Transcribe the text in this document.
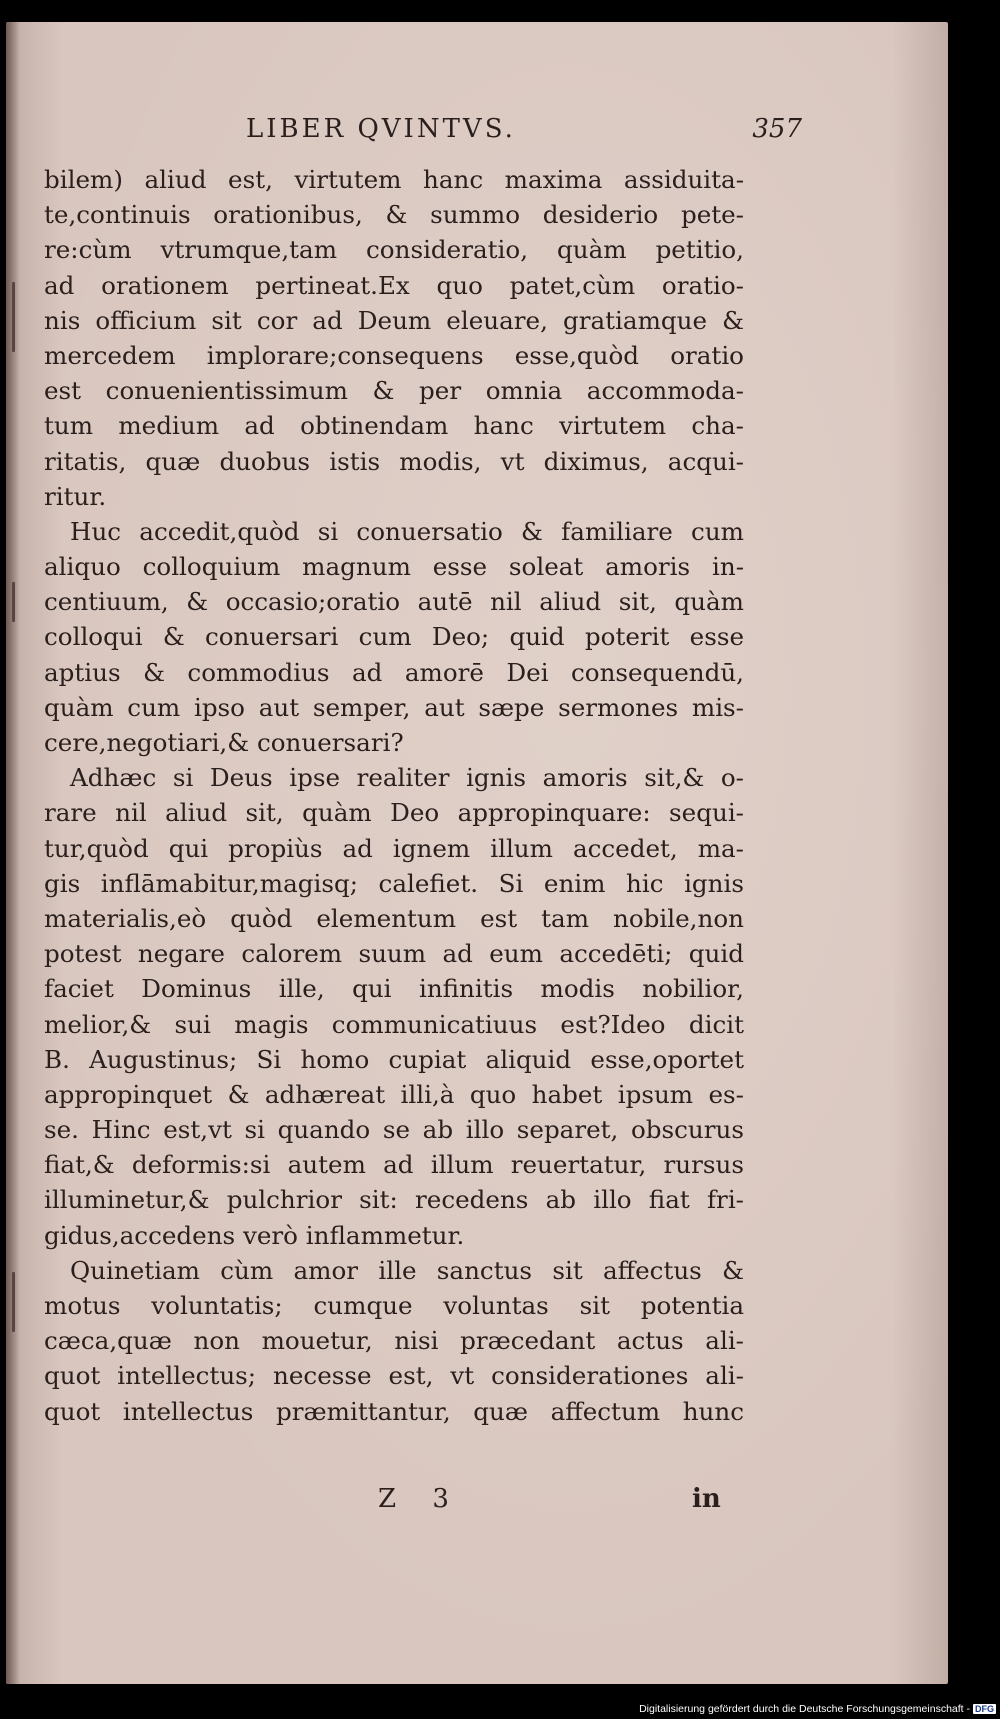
LIBER QVINTVS.	357
bilem) aliud est, virtutem hanc maxima assiduita-
te,continuis orationibus, & summo desiderio pete-
re:cùm vtrumque,tam consideratio, quàm petitio,
ad orationem pertineat.Ex quo patet,cùm oratio-
nis officium sit cor ad Deum eleuare, gratiamque &
mercedem implorare;consequens esse,quòd oratio
est conuenientissimum & per omnia accommoda-
tum medium ad obtinendam hanc virtutem cha-
ritatis, quæ duobus istis modis, vt diximus, acqui-
ritur.
Huc accedit,quòd si conuersatio & familiare cum
aliquo colloquium magnum esse soleat amoris in-
centiuum, & occasio;oratio autē nil aliud sit, quàm
colloqui & conuersari cum Deo; quid poterit esse
aptius & commodius ad amorē Dei consequendū,
quàm cum ipso aut semper, aut sæpe sermones mis-
cere,negotiari,& conuersari?
Adhæc si Deus ipse realiter ignis amoris sit,& o-
rare nil aliud sit, quàm Deo appropinquare: sequi-
tur,quòd qui propiùs ad ignem illum accedet, ma-
gis inflāmabitur,magisq; calefiet. Si enim hic ignis
materialis,eò quòd elementum est tam nobile,non
potest negare calorem suum ad eum accedēti; quid
faciet Dominus ille, qui infinitis modis nobilior,
melior,& sui magis communicatiuus est?Ideo dicit
B. Augustinus; Si homo cupiat aliquid esse,oportet
appropinquet & adhæreat illi,à quo habet ipsum es-
se. Hinc est,vt si quando se ab illo separet, obscurus
fiat,& deformis:si autem ad illum reuertatur, rursus
illuminetur,& pulchrior sit: recedens ab illo fiat fri-
gidus,accedens verò inflammetur.
Quinetiam cùm amor ille sanctus sit affectus &
motus voluntatis; cumque voluntas sit potentia
cæca,quæ non mouetur, nisi præcedant actus ali-
quot intellectus; necesse est, vt considerationes ali-
quot intellectus præmittantur, quæ affectum hunc
Z 3	in
Digitalisierung gefördert durch die Deutsche Forschungsgemeinschaft - DFG
